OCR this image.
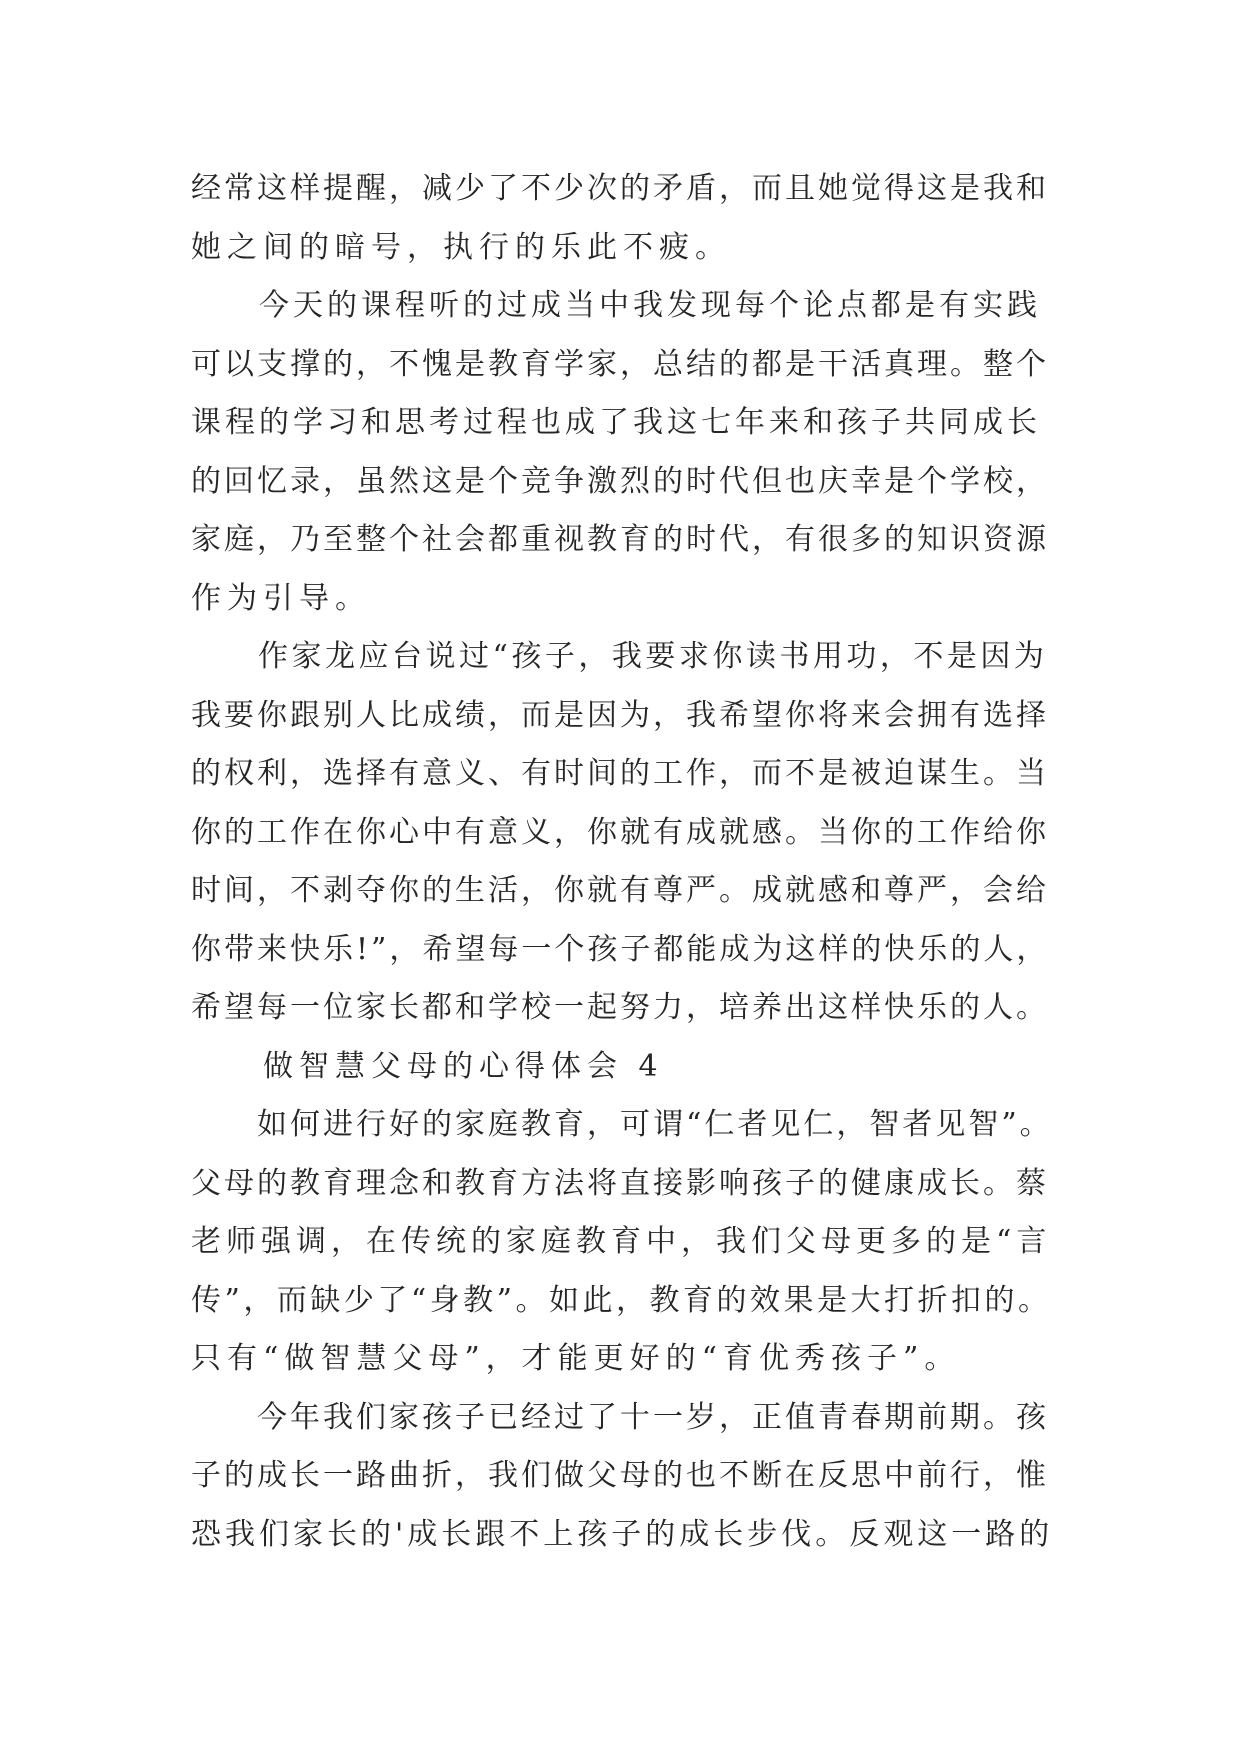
经常这样提醒，减少了不少次的矛盾，而且她觉得这是我和
她之间的暗号，执行的乐此不疲。
　　今天的课程听的过成当中我发现每个论点都是有实践
可以支撑的，不愧是教育学家，总结的都是干活真理。整个
课程的学习和思考过程也成了我这七年来和孩子共同成长
的回忆录，虽然这是个竞争激烈的时代但也庆幸是个学校，
家庭，乃至整个社会都重视教育的时代，有很多的知识资源
作为引导。
　　作家龙应台说过“孩子，我要求你读书用功，不是因为
我要你跟别人比成绩，而是因为，我希望你将来会拥有选择
的权利，选择有意义、有时间的工作，而不是被迫谋生。当
你的工作在你心中有意义，你就有成就感。当你的工作给你
时间，不剥夺你的生活，你就有尊严。成就感和尊严，会给
你带来快乐!”，希望每一个孩子都能成为这样的快乐的人，
希望每一位家长都和学校一起努力，培养出这样快乐的人。
　　做智慧父母的心得体会 4
　　如何进行好的家庭教育，可谓“仁者见仁，智者见智”。
父母的教育理念和教育方法将直接影响孩子的健康成长。蔡
老师强调，在传统的家庭教育中，我们父母更多的是“言
传”，而缺少了“身教”。如此，教育的效果是大打折扣的。
只有“做智慧父母”，才能更好的“育优秀孩子”。
　　今年我们家孩子已经过了十一岁，正值青春期前期。孩
子的成长一路曲折，我们做父母的也不断在反思中前行，惟
恐我们家长的'成长跟不上孩子的成长步伐。反观这一路的
